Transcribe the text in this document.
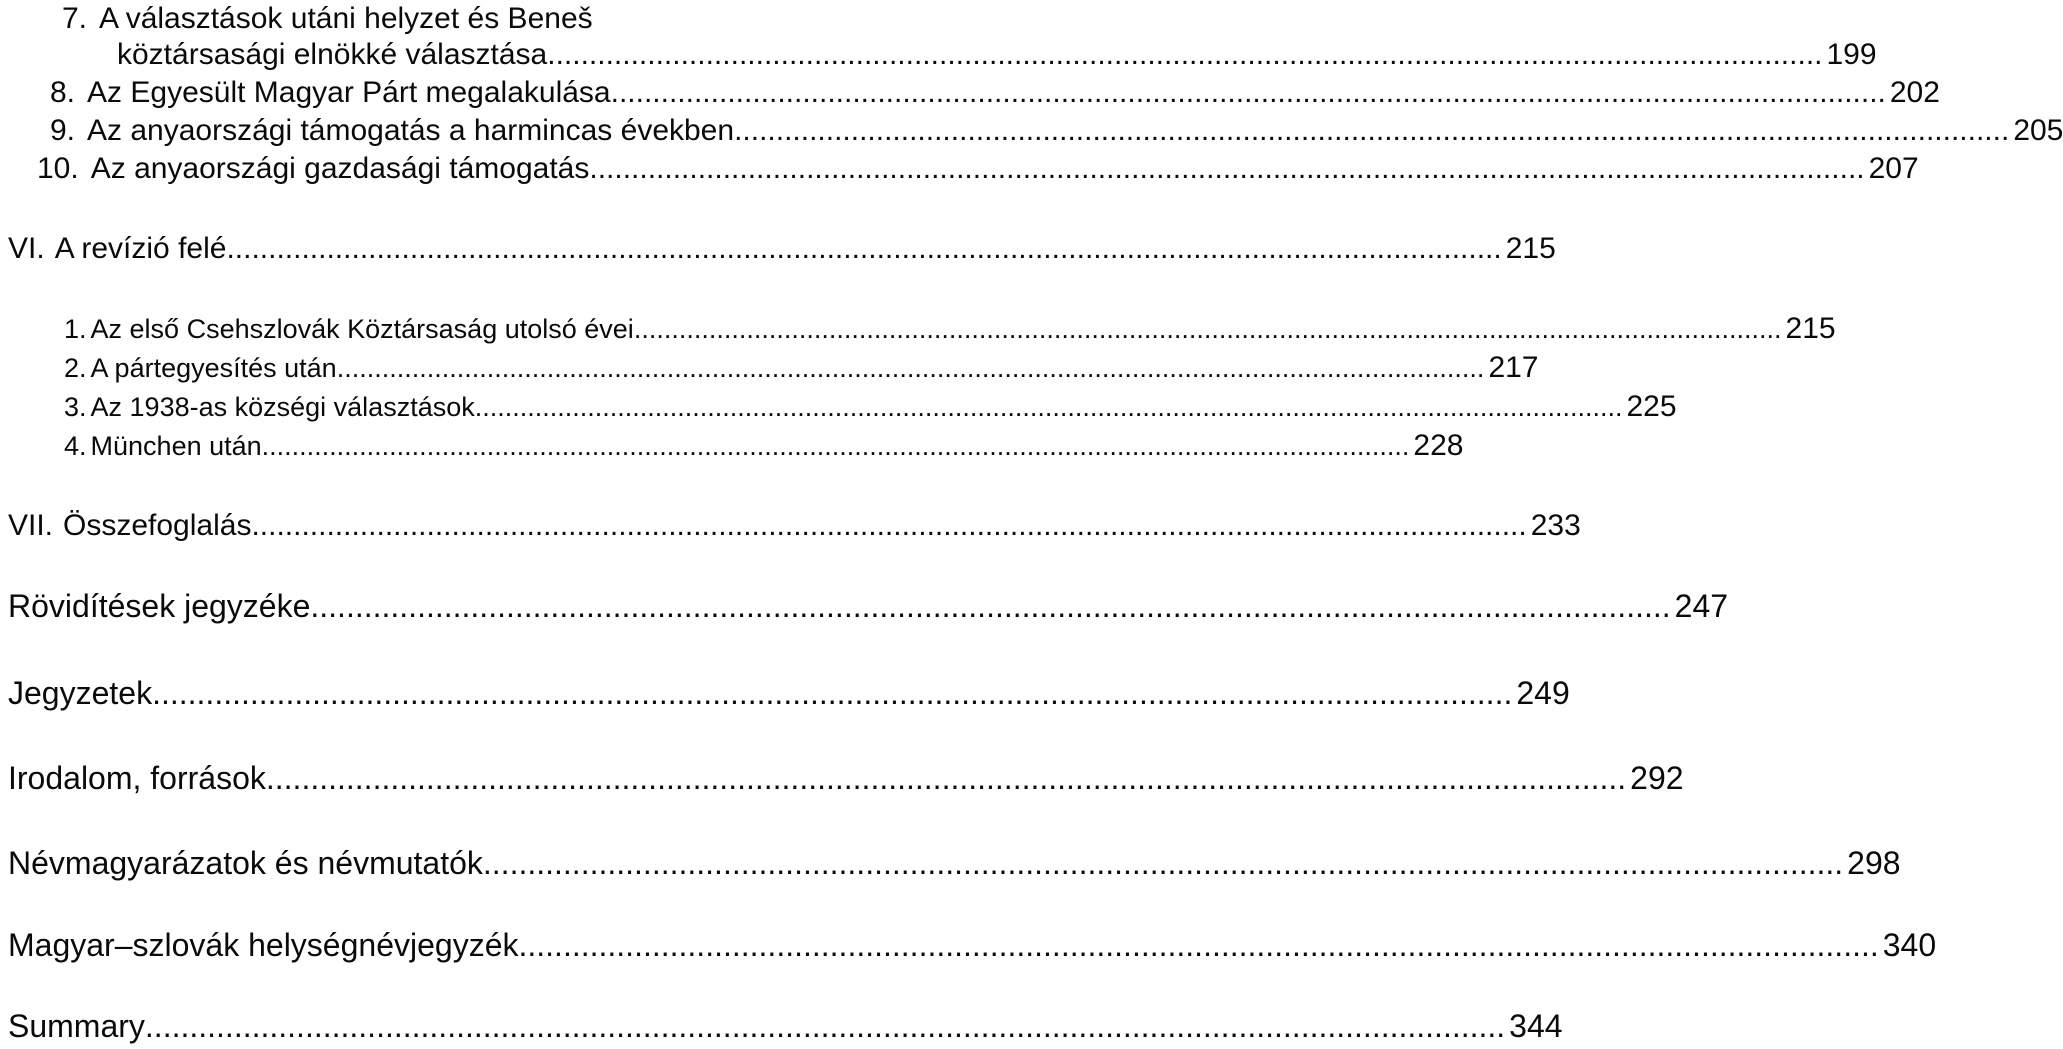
7. A választások utáni helyzet és Beneš
köztársasági elnökké választása ......................................................................................................................................................... 199
8. Az Egyesült Magyar Párt megalakulása ......................................................................................................................................................... 202
9. Az anyaországi támogatás a harmincas években ......................................................................................................................................................... 205
10. Az anyaországi gazdasági támogatás ......................................................................................................................................................... 207
VI. A revízió felé ......................................................................................................................................................... 215
1. Az első Csehszlovák Köztársaság utolsó évei ......................................................................................................................................................... 215
2. A pártegyesítés után ......................................................................................................................................................... 217
3. Az 1938-as községi választások ......................................................................................................................................................... 225
4. München után ......................................................................................................................................................... 228
VII. Összefoglalás ......................................................................................................................................................... 233
Rövidítések jegyzéke ......................................................................................................................................................... 247
Jegyzetek ......................................................................................................................................................... 249
Irodalom, források ......................................................................................................................................................... 292
Névmagyarázatok és névmutatók ......................................................................................................................................................... 298
Magyar–szlovák helységnévjegyzék ......................................................................................................................................................... 340
Summary ......................................................................................................................................................... 344
